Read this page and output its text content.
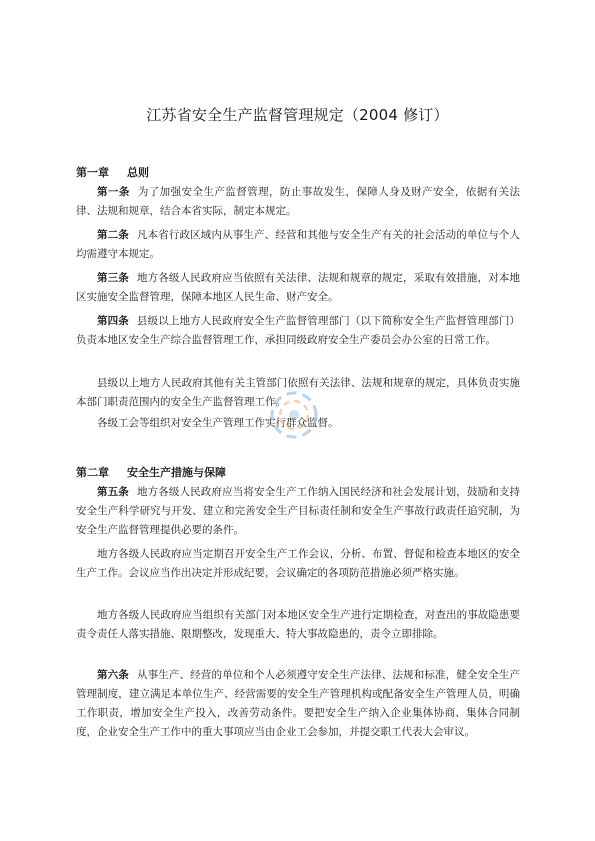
江苏省安全生产监督管理规定（2004 修订）
第一章 总则

第一条 为了加强安全生产监督管理，防止事故发生，保障人身及财产安全，依据有关法律、法规和规章，结合本省实际，制定本规定。

第二条 凡本省行政区域内从事生产、经营和其他与安全生产有关的社会活动的单位与个人均需遵守本规定。

第三条 地方各级人民政府应当依照有关法律、法规和规章的规定，采取有效措施，对本地区实施安全监督管理，保障本地区人民生命、财产安全。

第四条 县级以上地方人民政府安全生产监督管理部门（以下简称安全生产监督管理部门）负责本地区安全生产综合监督管理工作，承担同级政府安全生产委员会办公室的日常工作。

县级以上地方人民政府其他有关主管部门依照有关法律、法规和规章的规定，具体负责实施本部门职责范围内的安全生产监督管理工作。

各级工会等组织对安全生产管理工作实行群众监督。

第二章 安全生产措施与保障

第五条 地方各级人民政府应当将安全生产工作纳入国民经济和社会发展计划，鼓励和支持安全生产科学研究与开发、建立和完善安全生产目标责任制和安全生产事故行政责任追究制，为安全生产监督管理提供必要的条件。

地方各级人民政府应当定期召开安全生产工作会议，分析、布置、督促和检查本地区的安全生产工作。会议应当作出决定并形成纪要，会议确定的各项防范措施必须严格实施。

地方各级人民政府应当组织有关部门对本地区安全生产进行定期检查，对查出的事故隐患要责令责任人落实措施、限期整改，发现重大、特大事故隐患的，责令立即排除。

第六条 从事生产、经营的单位和个人必须遵守安全生产法律、法规和标准，健全安全生产管理制度，建立满足本单位生产、经营需要的安全生产管理机构或配备安全生产管理人员，明确工作职责，增加安全生产投入，改善劳动条件。要把安全生产纳入企业集体协商、集体合同制度，企业安全生产工作中的重大事项应当由企业工会参加，并提交职工代表大会审议。
